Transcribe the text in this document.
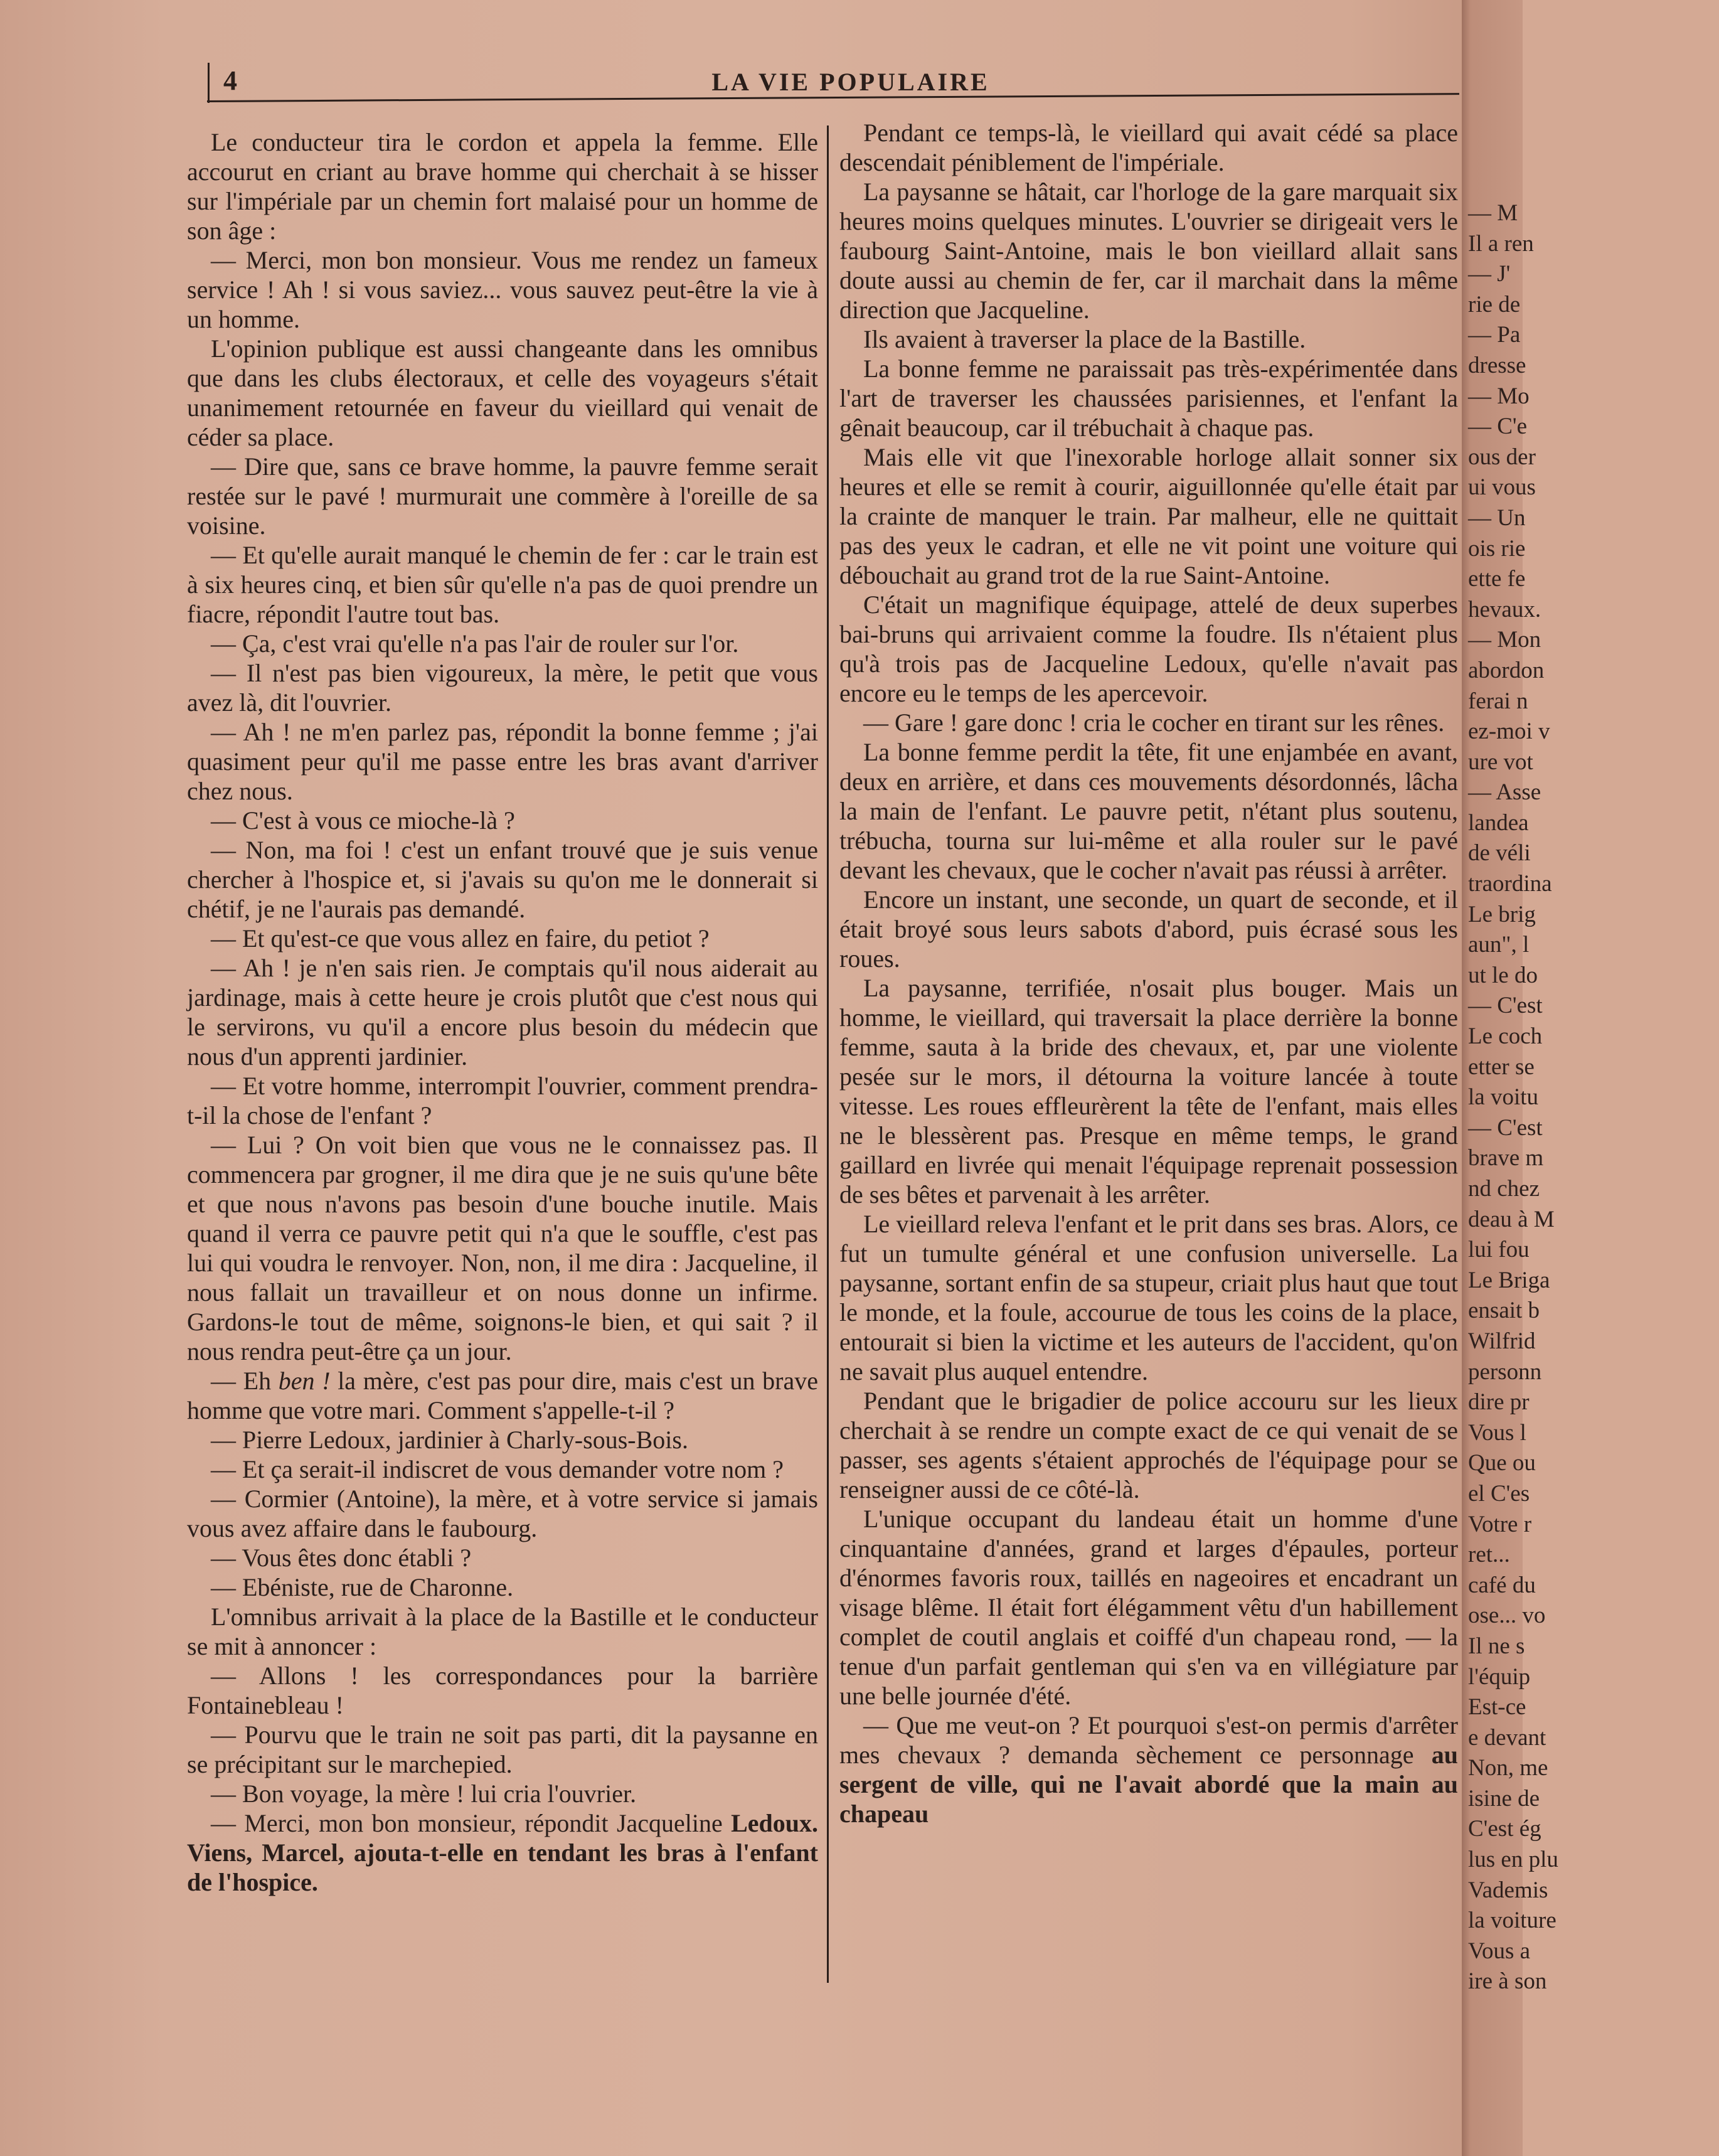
4	LA VIE POPULAIRE

Le conducteur tira le cordon et appela la femme. Elle accourut en criant au brave homme qui cherchait à se hisser sur l'impériale par un chemin fort malaisé pour un homme de son âge :

— Merci, mon bon monsieur. Vous me rendez un fameux service ! Ah ! si vous saviez... vous sauvez peut-être la vie à un homme.

L'opinion publique est aussi changeante dans les omnibus que dans les clubs électoraux, et celle des voyageurs s'était unanimement retournée en faveur du vieillard qui venait de céder sa place.

— Dire que, sans ce brave homme, la pauvre femme serait restée sur le pavé ! murmurait une commère à l'oreille de sa voisine.

— Et qu'elle aurait manqué le chemin de fer : car le train est à six heures cinq, et bien sûr qu'elle n'a pas de quoi prendre un fiacre, répondit l'autre tout bas.

— Ça, c'est vrai qu'elle n'a pas l'air de rouler sur l'or.

— Il n'est pas bien vigoureux, la mère, le petit que vous avez là, dit l'ouvrier.

— Ah ! ne m'en parlez pas, répondit la bonne femme ; j'ai quasiment peur qu'il me passe entre les bras avant d'arriver chez nous.

— C'est à vous ce mioche-là ?

— Non, ma foi ! c'est un enfant trouvé que je suis venue chercher à l'hospice et, si j'avais su qu'on me le donnerait si chétif, je ne l'aurais pas demandé.

— Et qu'est-ce que vous allez en faire, du petiot ?

— Ah ! je n'en sais rien. Je comptais qu'il nous aiderait au jardinage, mais à cette heure je crois plutôt que c'est nous qui le servirons, vu qu'il a encore plus besoin du médecin que nous d'un apprenti jardinier.

— Et votre homme, interrompit l'ouvrier, comment prendra-t-il la chose de l'enfant ?

— Lui ? On voit bien que vous ne le connaissez pas. Il commencera par grogner, il me dira que je ne suis qu'une bête et que nous n'avons pas besoin d'une bouche inutile. Mais quand il verra ce pauvre petit qui n'a que le souffle, c'est pas lui qui voudra le renvoyer. Non, non, il me dira : Jacqueline, il nous fallait un travailleur et on nous donne un infirme. Gardons-le tout de même, soignons-le bien, et qui sait ? il nous rendra peut-être ça un jour.

— Eh ben ! la mère, c'est pas pour dire, mais c'est un brave homme que votre mari. Comment s'appelle-t-il ?

— Pierre Ledoux, jardinier à Charly-sous-Bois.

— Et ça serait-il indiscret de vous demander votre nom ?

— Cormier (Antoine), la mère, et à votre service si jamais vous avez affaire dans le faubourg.

— Vous êtes donc établi ?

— Ebéniste, rue de Charonne.

L'omnibus arrivait à la place de la Bastille et le conducteur se mit à annoncer :

— Allons ! les correspondances pour la barrière Fontainebleau !

— Pourvu que le train ne soit pas parti, dit la paysanne en se précipitant sur le marchepied.

— Bon voyage, la mère ! lui cria l'ouvrier.

— Merci, mon bon monsieur, répondit Jacqueline Ledoux. Viens, Marcel, ajouta-t-elle en tendant les bras à l'enfant de l'hospice.

Pendant ce temps-là, le vieillard qui avait cédé sa place descendait péniblement de l'impériale.

La paysanne se hâtait, car l'horloge de la gare marquait six heures moins quelques minutes. L'ouvrier se dirigeait vers le faubourg Saint-Antoine, mais le bon vieillard allait sans doute aussi au chemin de fer, car il marchait dans la même direction que Jacqueline.

Ils avaient à traverser la place de la Bastille.

La bonne femme ne paraissait pas très-expérimentée dans l'art de traverser les chaussées parisiennes, et l'enfant la gênait beaucoup, car il trébuchait à chaque pas.

Mais elle vit que l'inexorable horloge allait sonner six heures et elle se remit à courir, aiguillonnée qu'elle était par la crainte de manquer le train. Par malheur, elle ne quittait pas des yeux le cadran, et elle ne vit point une voiture qui débouchait au grand trot de la rue Saint-Antoine.

C'était un magnifique équipage, attelé de deux superbes bai-bruns qui arrivaient comme la foudre. Ils n'étaient plus qu'à trois pas de Jacqueline Ledoux, qu'elle n'avait pas encore eu le temps de les apercevoir.

— Gare ! gare donc ! cria le cocher en tirant sur les rênes.

La bonne femme perdit la tête, fit une enjambée en avant, deux en arrière, et dans ces mouvements désordonnés, lâcha la main de l'enfant. Le pauvre petit, n'étant plus soutenu, trébucha, tourna sur lui-même et alla rouler sur le pavé devant les chevaux, que le cocher n'avait pas réussi à arrêter.

Encore un instant, une seconde, un quart de seconde, et il était broyé sous leurs sabots d'abord, puis écrasé sous les roues.

La paysanne, terrifiée, n'osait plus bouger. Mais un homme, le vieillard, qui traversait la place derrière la bonne femme, sauta à la bride des chevaux, et, par une violente pesée sur le mors, il détourna la voiture lancée à toute vitesse. Les roues effleurèrent la tête de l'enfant, mais elles ne le blessèrent pas. Presque en même temps, le grand gaillard en livrée qui menait l'équipage reprenait possession de ses bêtes et parvenait à les arrêter.

Le vieillard releva l'enfant et le prit dans ses bras. Alors, ce fut un tumulte général et une confusion universelle. La paysanne, sortant enfin de sa stupeur, criait plus haut que tout le monde, et la foule, accourue de tous les coins de la place, entourait si bien la victime et les auteurs de l'accident, qu'on ne savait plus auquel entendre.

Pendant que le brigadier de police accouru sur les lieux cherchait à se rendre un compte exact de ce qui venait de se passer, ses agents s'étaient approchés de l'équipage pour se renseigner aussi de ce côté-là.

L'unique occupant du landeau était un homme d'une cinquantaine d'années, grand et larges d'épaules, porteur d'énormes favoris roux, taillés en nageoires et encadrant un visage blême. Il était fort élégamment vêtu d'un habillement complet de coutil anglais et coiffé d'un chapeau rond, — la tenue d'un parfait gentleman qui s'en va en villégiature par une belle journée d'été.

— Que me veut-on ? Et pourquoi s'est-on permis d'arrêter mes chevaux ? demanda sèchement ce personnage au sergent de ville, qui ne l'avait abordé que la main au chapeau

— M
Il a ren
— J'
rie de
— Pa
dresse
— Mo
— C'e
ous der
ui vous
— Un
ois rie
ette fe
hevaux.
— Mon
abordon
ferai n
ez-moi v
ure vot
— Asse
landea
de véli
traordina
Le brig
aun", l
ut le do
— C'est
Le coch
etter se
la voitu
— C'est
brave m
nd chez
deau à M
lui fou
Le Briga
ensait b
Wilfrid
personn
dire pr
Vous l
Que ou
el C'es
Votre r
ret...
café du
ose... vo
Il ne s
l'équip
Est-ce
e devant
Non, me
isine de
C'est ég
lus en plu
Vademis
la voiture
Vous a
ire à son
